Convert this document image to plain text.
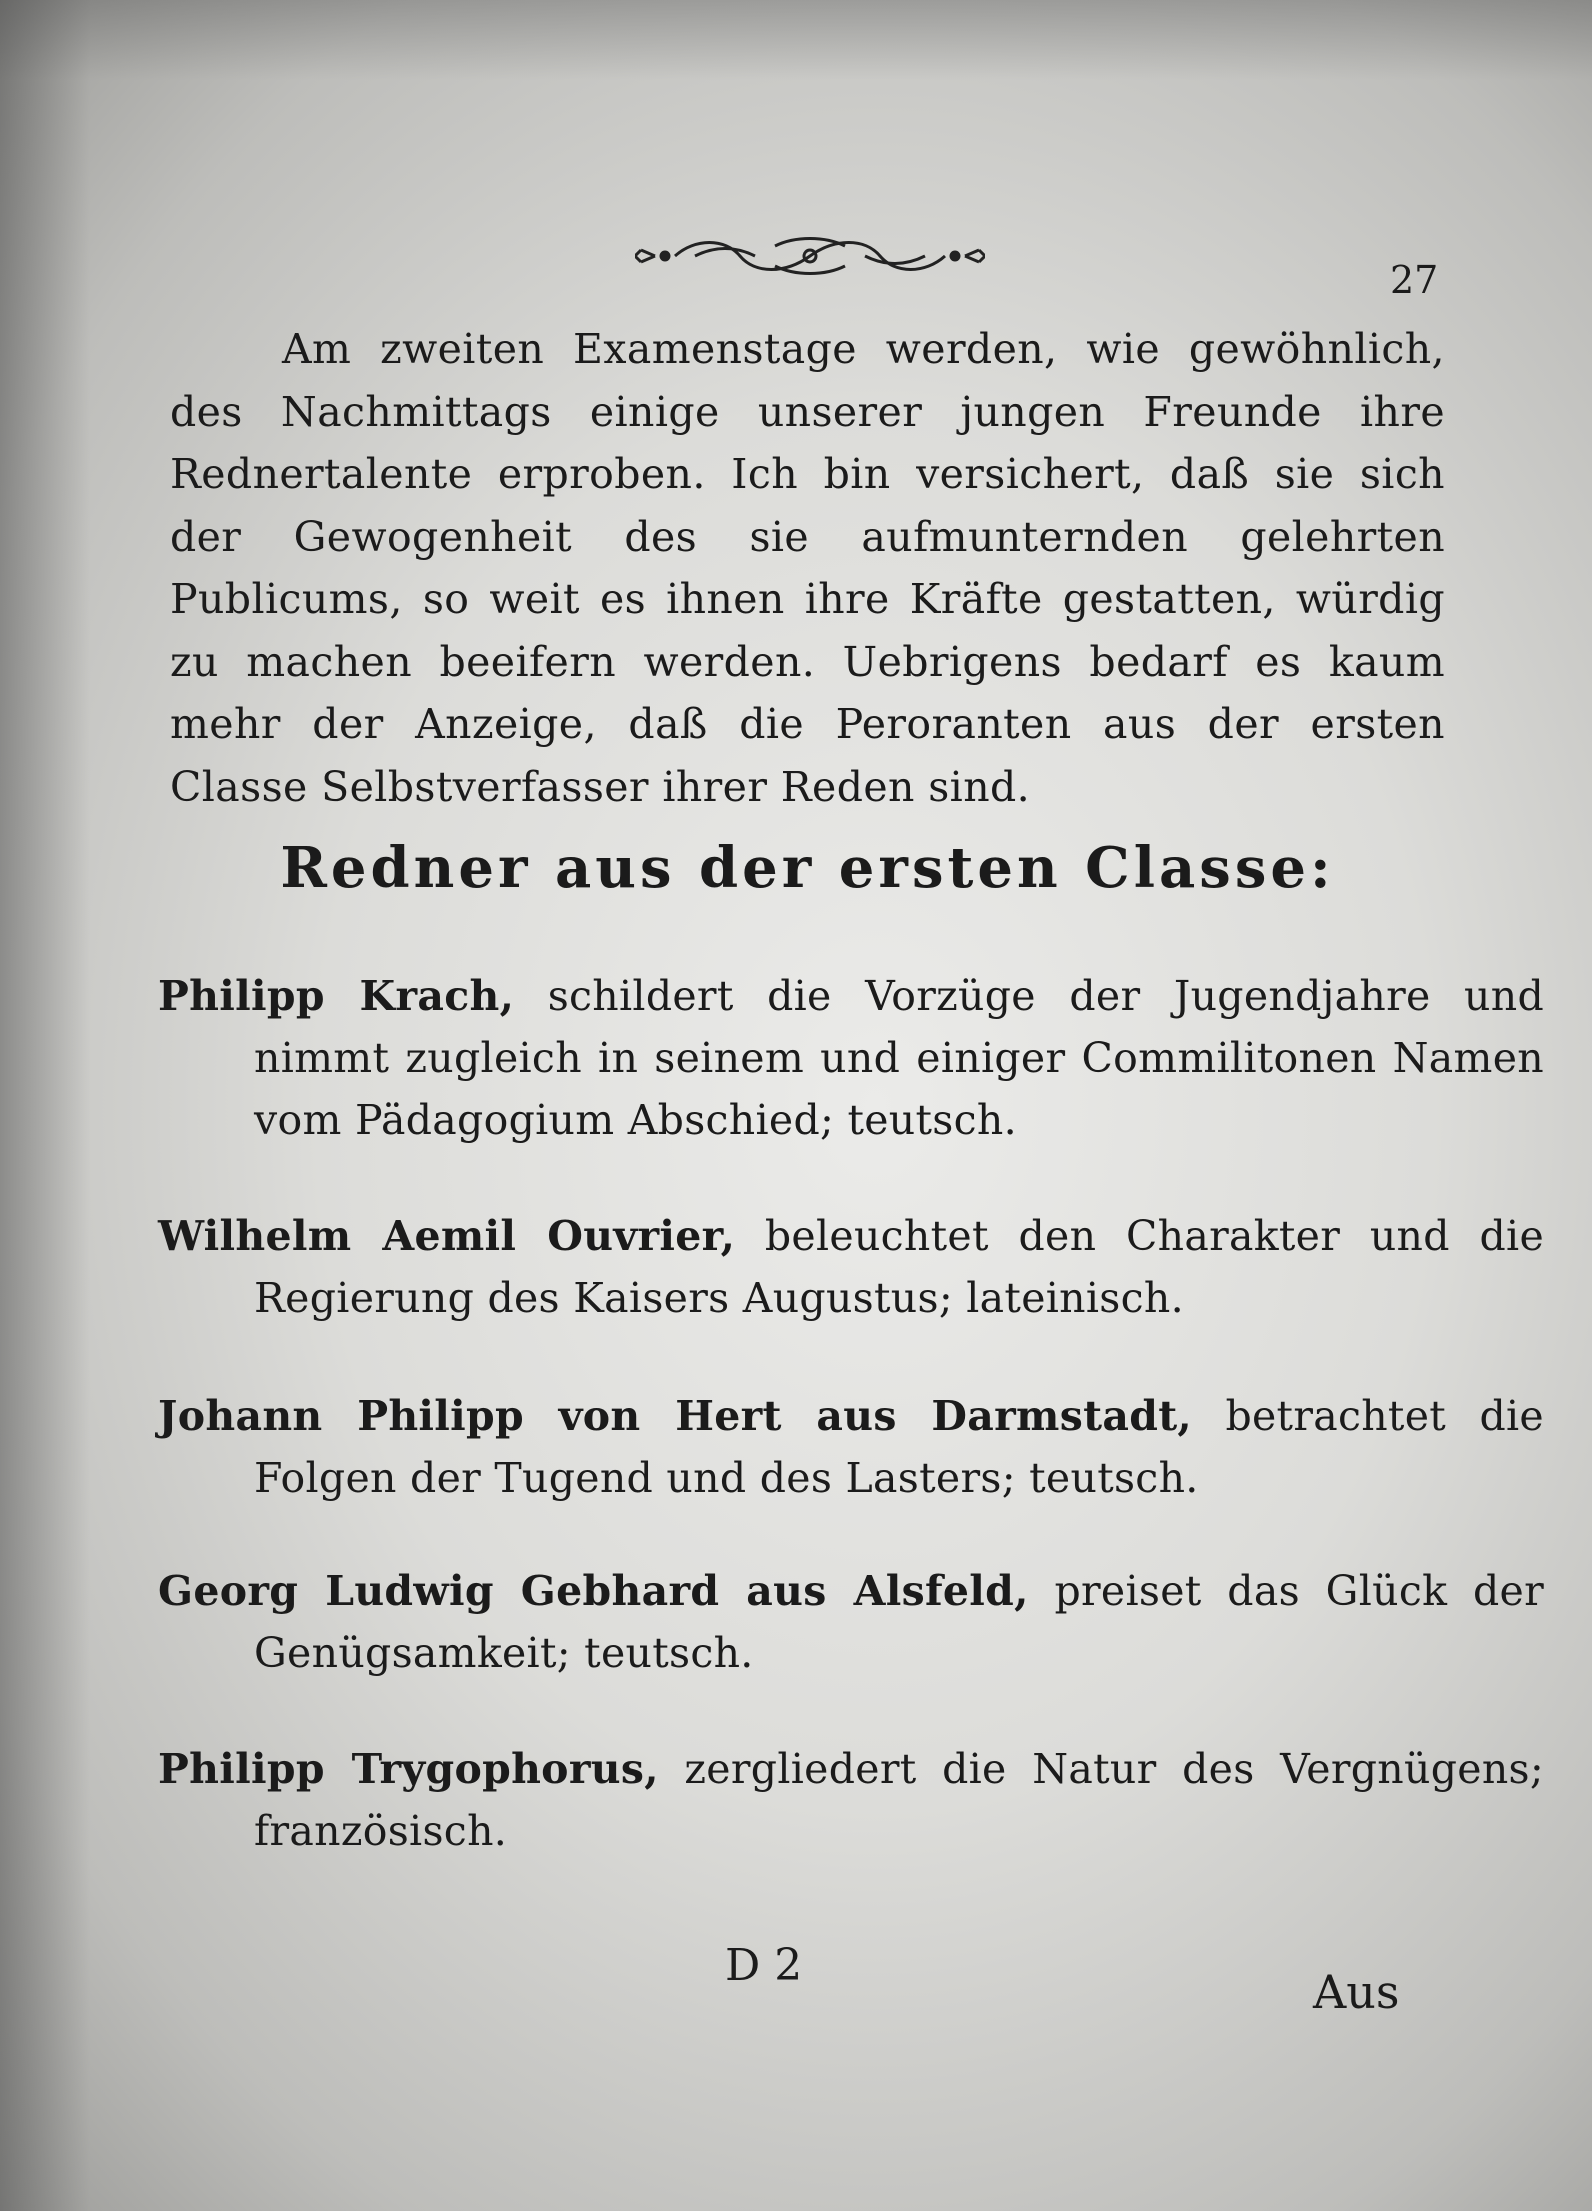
27
Am zweiten Examenstage werden, wie gewöhnlich, des Nachmittags einige unserer jungen Freunde ihre Rednertalente erproben. Ich bin versichert, daß sie sich der Gewogenheit des sie aufmunternden gelehrten Publicums, so weit es ihnen ihre Kräfte gestatten, würdig zu machen beeifern werden. Uebrigens bedarf es kaum mehr der Anzeige, daß die Peroranten aus der ersten Classe Selbstverfasser ihrer Reden sind.
Redner aus der ersten Classe:
Philipp Krach, schildert die Vorzüge der Jugendjahre und nimmt zugleich in seinem und einiger Commilitonen Namen vom Pädagogium Abschied; teutsch.
Wilhelm Aemil Ouvrier, beleuchtet den Charakter und die Regierung des Kaisers Augustus; lateinisch.
Johann Philipp von Hert aus Darmstadt, betrachtet die Folgen der Tugend und des Lasters; teutsch.
Georg Ludwig Gebhard aus Alsfeld, preiset das Glück der Genügsamkeit; teutsch.
Philipp Trygophorus, zergliedert die Natur des Vergnügens; französisch.
D 2	Aus
